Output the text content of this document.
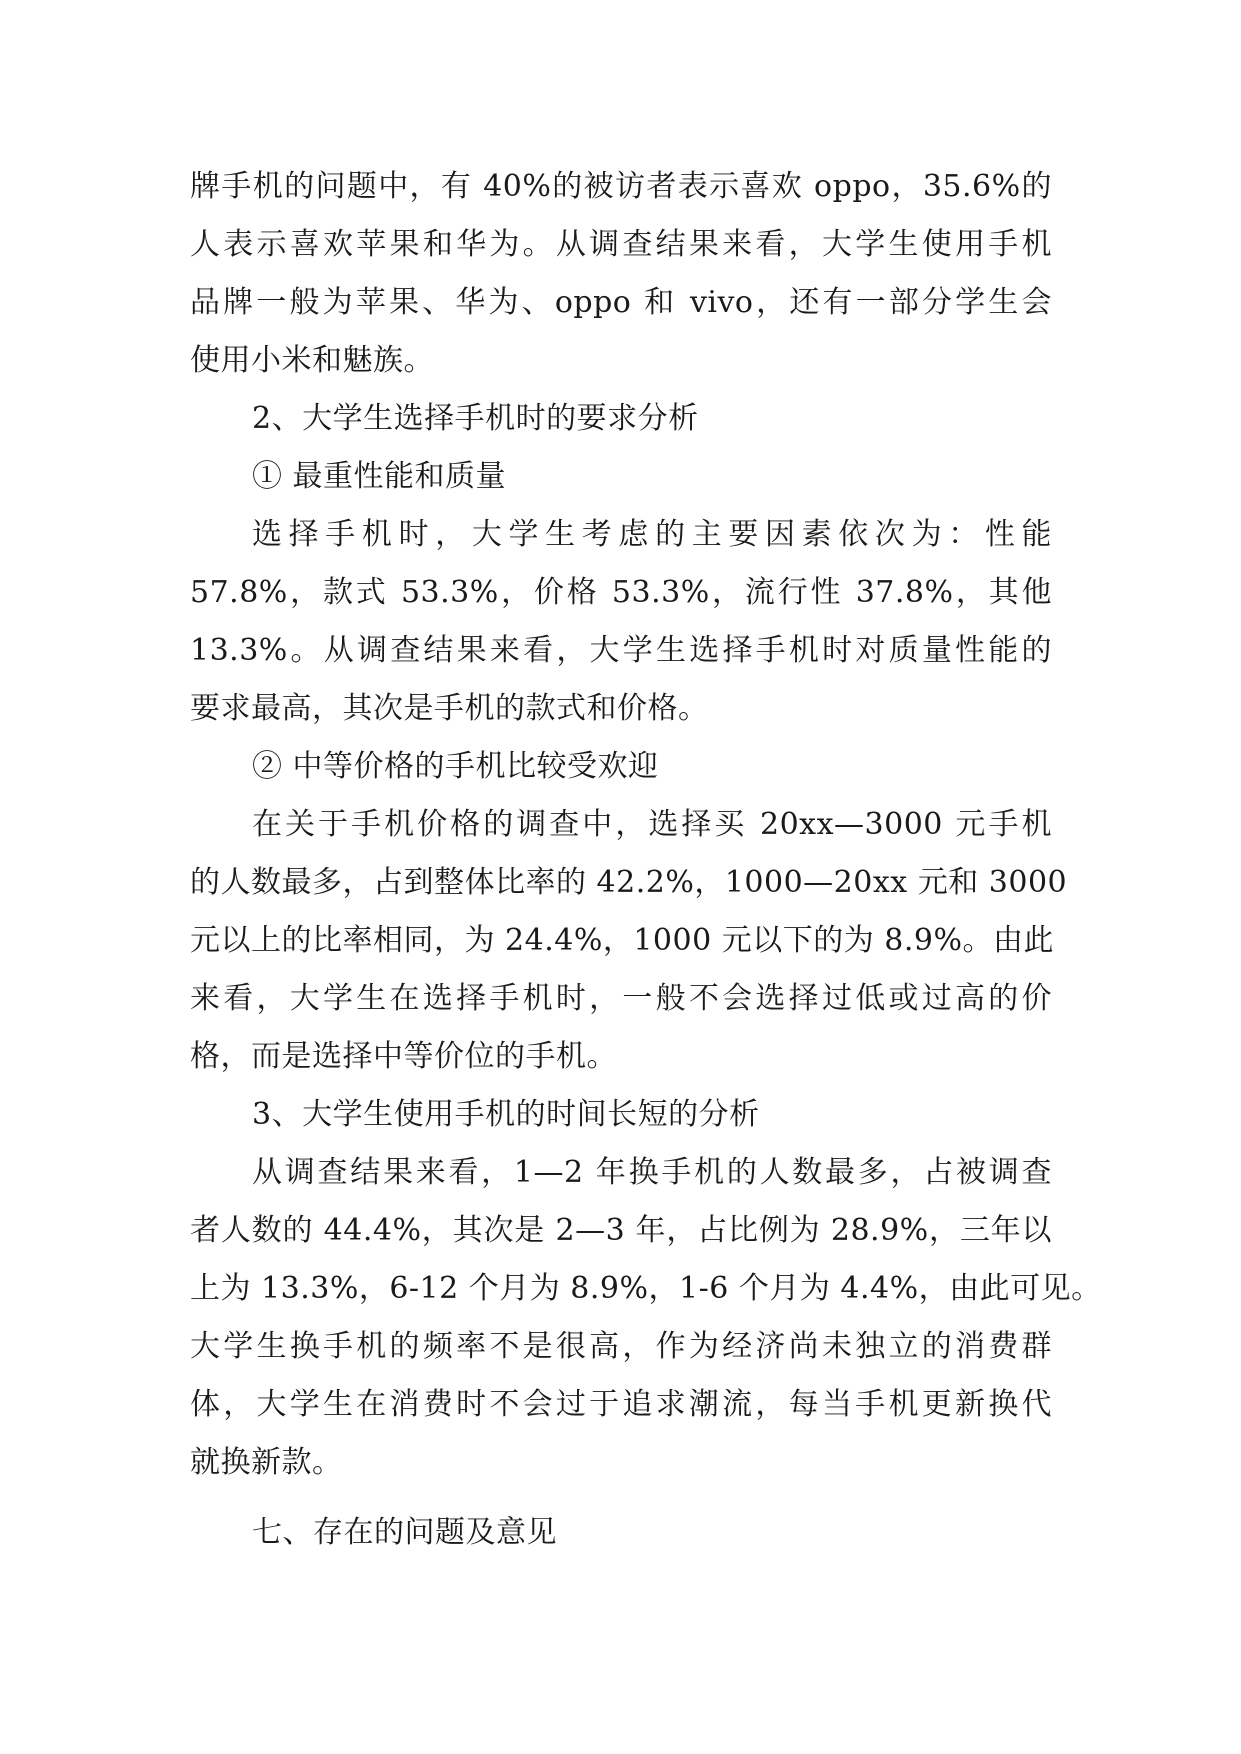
牌手机的问题中，有 40%的被访者表示喜欢 oppo，35.6%的
人表示喜欢苹果和华为。从调查结果来看，大学生使用手机
品牌一般为苹果、华为、oppo 和 vivo，还有一部分学生会
使用小米和魅族。
2、大学生选择手机时的要求分析
① 最重性能和质量
选择手机时，大学生考虑的主要因素依次为：性能
57.8%，款式 53.3%，价格 53.3%，流行性 37.8%，其他
13.3%。从调查结果来看，大学生选择手机时对质量性能的
要求最高，其次是手机的款式和价格。
② 中等价格的手机比较受欢迎
在关于手机价格的调查中，选择买 20xx—3000 元手机
的人数最多，占到整体比率的 42.2%，1000—20xx 元和 3000
元以上的比率相同，为 24.4%，1000 元以下的为 8.9%。由此
来看，大学生在选择手机时，一般不会选择过低或过高的价
格，而是选择中等价位的手机。
3、大学生使用手机的时间长短的分析
从调查结果来看，1—2 年换手机的人数最多，占被调查
者人数的 44.4%，其次是 2—3 年，占比例为 28.9%，三年以
上为 13.3%，6-12 个月为 8.9%，1-6 个月为 4.4%，由此可见。
大学生换手机的频率不是很高，作为经济尚未独立的消费群
体，大学生在消费时不会过于追求潮流，每当手机更新换代
就换新款。
七、存在的问题及意见
